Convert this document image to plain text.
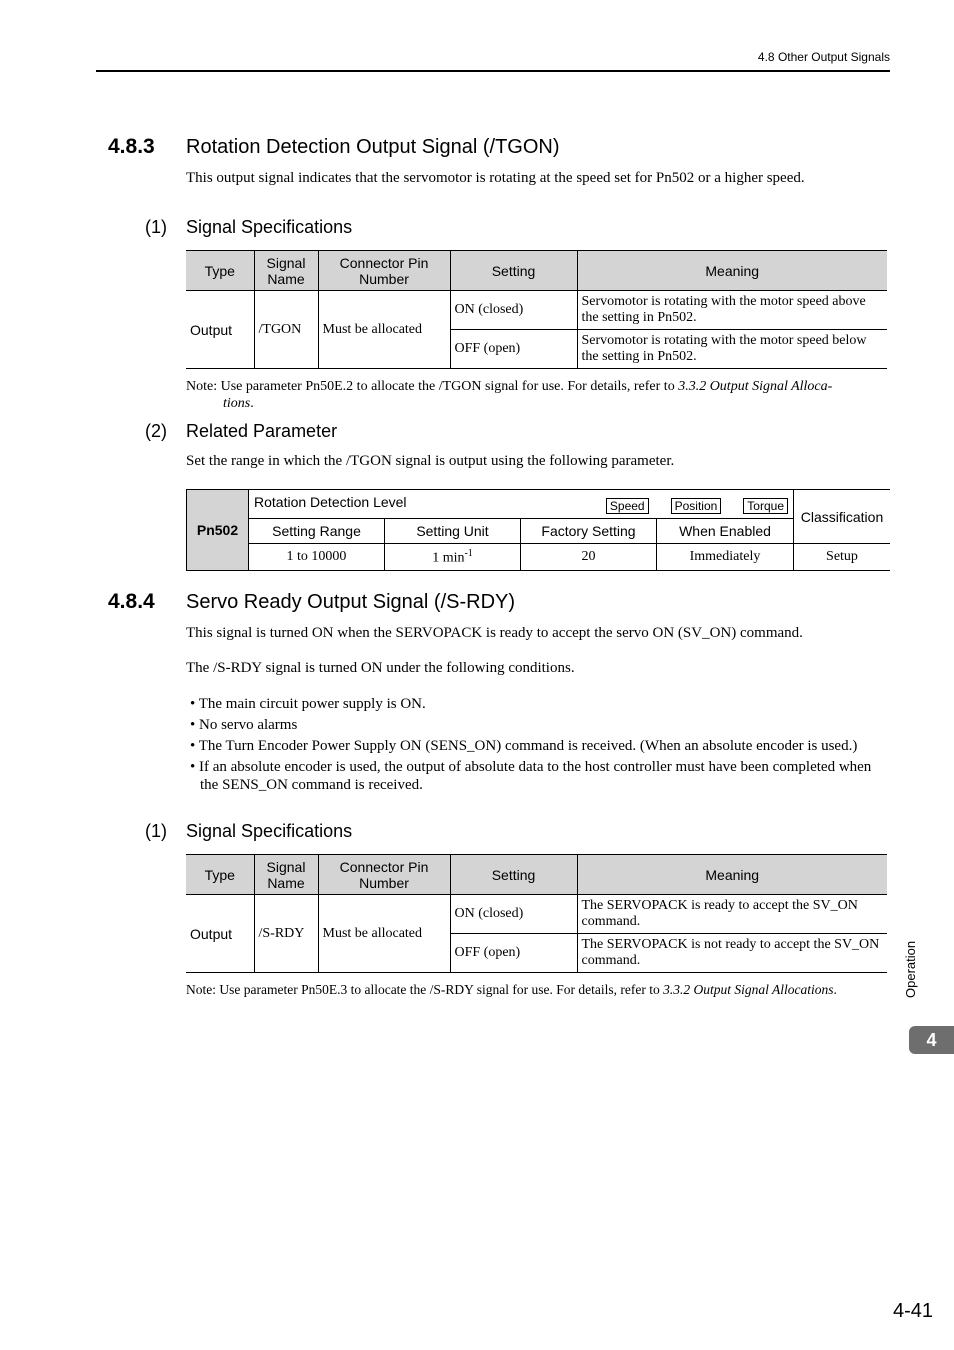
4.8 Other Output Signals
4.8.3 Rotation Detection Output Signal (/TGON)
This output signal indicates that the servomotor is rotating at the speed set for Pn502 or a higher speed.
(1) Signal Specifications
Type	Signal Name	Connector Pin Number	Setting	Meaning
Output	/TGON	Must be allocated	ON (closed)	Servomotor is rotating with the motor speed above the setting in Pn502.
			OFF (open)	Servomotor is rotating with the motor speed below the setting in Pn502.
Note: Use parameter Pn50E.2 to allocate the /TGON signal for use. For details, refer to 3.3.2 Output Signal Alloca-
tions.
(2) Related Parameter
Set the range in which the /TGON signal is output using the following parameter.
Pn502	Rotation Detection Level Speed Position Torque				Classification
	Setting Range	Setting Unit	Factory Setting	When Enabled	
	1 to 10000	1 $\min^{-1}$	20	Immediately	Setup
4.8.4 Servo Ready Output Signal (/S-RDY)
This signal is turned ON when the SERVOPACK is ready to accept the servo ON (SV_ON) command.
The /S-RDY signal is turned ON under the following conditions.
• The main circuit power supply is ON.
• No servo alarms
• The Turn Encoder Power Supply ON (SENS_ON) command is received. (When an absolute encoder is used.)
• If an absolute encoder is used, the output of absolute data to the host controller must have been completed when the SENS_ON command is received.
(1) Signal Specifications
Type	Signal Name	Connector Pin Number	Setting	Meaning
Output	/S-RDY	Must be allocated	ON (closed)	The SERVOPACK is ready to accept the SV_ON command.
			OFF (open)	The SERVOPACK is not ready to accept the SV_ON command.
Note: Use parameter Pn50E.3 to allocate the /S-RDY signal for use. For details, refer to 3.3.2 Output Signal Allocations.	Operation
4
4-41
